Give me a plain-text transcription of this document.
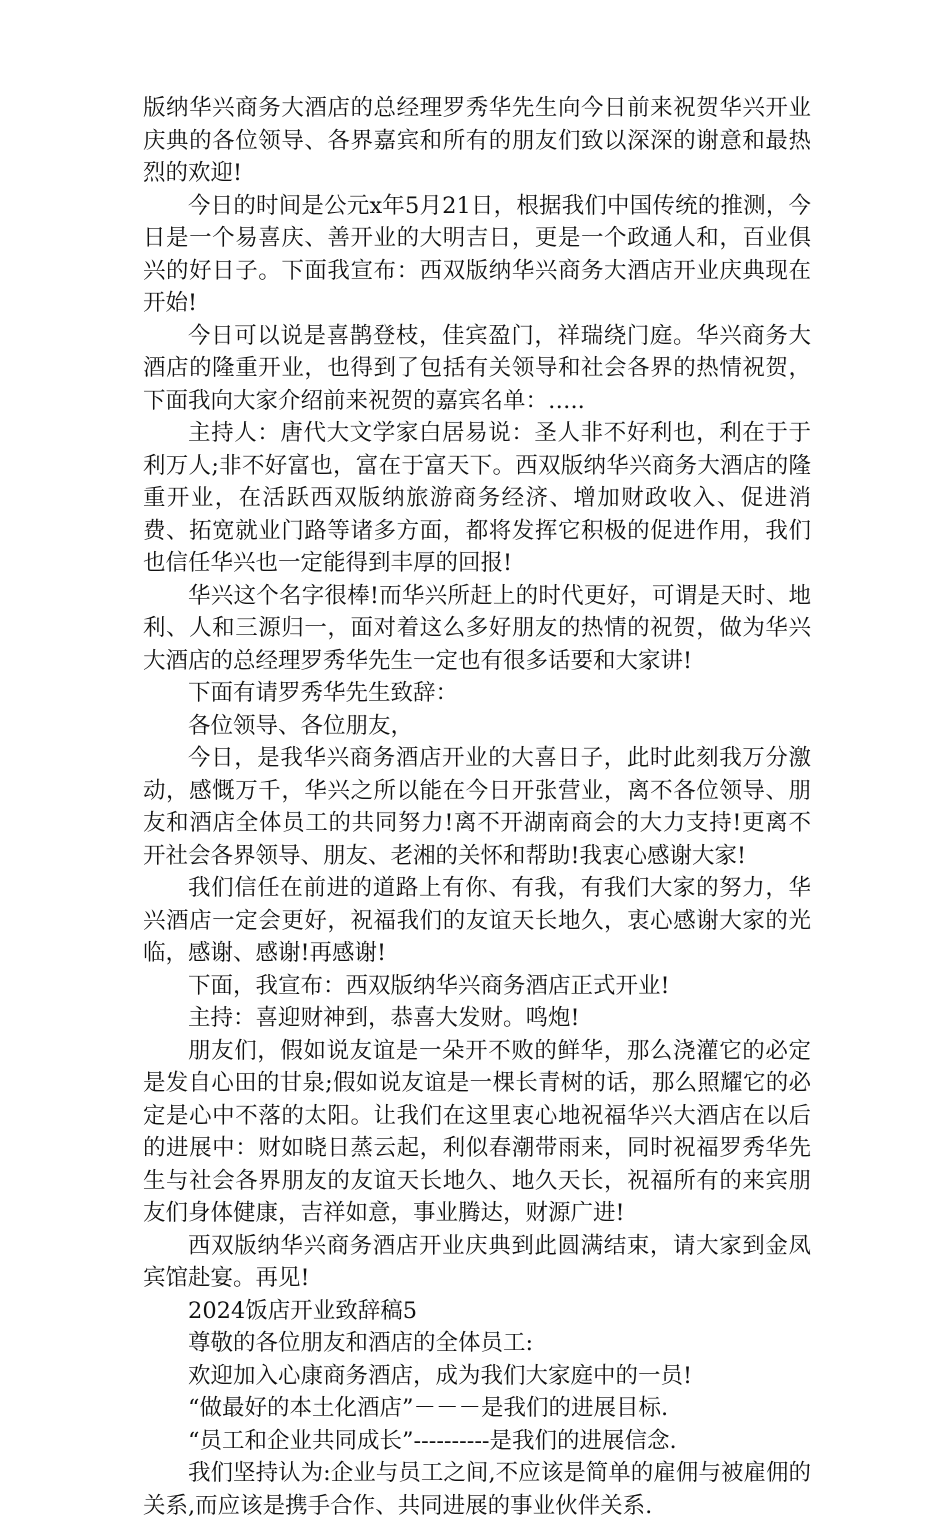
版纳华兴商务大酒店的总经理罗秀华先生向今日前来祝贺华兴开业庆典的各位领导、各界嘉宾和所有的朋友们致以深深的谢意和最热烈的欢迎!

今日的时间是公元x年5月21日，根据我们中国传统的推测，今日是一个易喜庆、善开业的大明吉日，更是一个政通人和，百业俱兴的好日子。下面我宣布：西双版纳华兴商务大酒店开业庆典现在开始!

今日可以说是喜鹊登枝，佳宾盈门，祥瑞绕门庭。华兴商务大酒店的隆重开业，也得到了包括有关领导和社会各界的热情祝贺，下面我向大家介绍前来祝贺的嘉宾名单：…..

主持人：唐代大文学家白居易说：圣人非不好利也，利在于于利万人;非不好富也，富在于富天下。西双版纳华兴商务大酒店的隆重开业，在活跃西双版纳旅游商务经济、增加财政收入、促进消费、拓宽就业门路等诸多方面，都将发挥它积极的促进作用，我们也信任华兴也一定能得到丰厚的回报!

华兴这个名字很棒!而华兴所赶上的时代更好，可谓是天时、地利、人和三源归一，面对着这么多好朋友的热情的祝贺，做为华兴大酒店的总经理罗秀华先生一定也有很多话要和大家讲!

下面有请罗秀华先生致辞：

各位领导、各位朋友，

今日，是我华兴商务酒店开业的大喜日子，此时此刻我万分激动，感慨万千，华兴之所以能在今日开张营业，离不各位领导、朋友和酒店全体员工的共同努力!离不开湖南商会的大力支持!更离不开社会各界领导、朋友、老湘的关怀和帮助!我衷心感谢大家!

我们信任在前进的道路上有你、有我，有我们大家的努力，华兴酒店一定会更好，祝福我们的友谊天长地久，衷心感谢大家的光临，感谢、感谢!再感谢!

下面，我宣布：西双版纳华兴商务酒店正式开业!

主持：喜迎财神到，恭喜大发财。鸣炮!

朋友们，假如说友谊是一朵开不败的鲜华，那么浇灌它的必定是发自心田的甘泉;假如说友谊是一棵长青树的话，那么照耀它的必定是心中不落的太阳。让我们在这里衷心地祝福华兴大酒店在以后的进展中：财如晓日蒸云起，利似春潮带雨来，同时祝福罗秀华先生与社会各界朋友的友谊天长地久、地久天长，祝福所有的来宾朋友们身体健康，吉祥如意，事业腾达，财源广进!

西双版纳华兴商务酒店开业庆典到此圆满结束，请大家到金凤宾馆赴宴。再见!

2024饭店开业致辞稿5

尊敬的各位朋友和酒店的全体员工:

欢迎加入心康商务酒店，成为我们大家庭中的一员!

“做最好的本土化酒店”－－－是我们的进展目标.

“员工和企业共同成长”----------是我们的进展信念.

我们坚持认为:企业与员工之间,不应该是简单的雇佣与被雇佣的关系,而应该是携手合作、共同进展的事业伙伴关系.
